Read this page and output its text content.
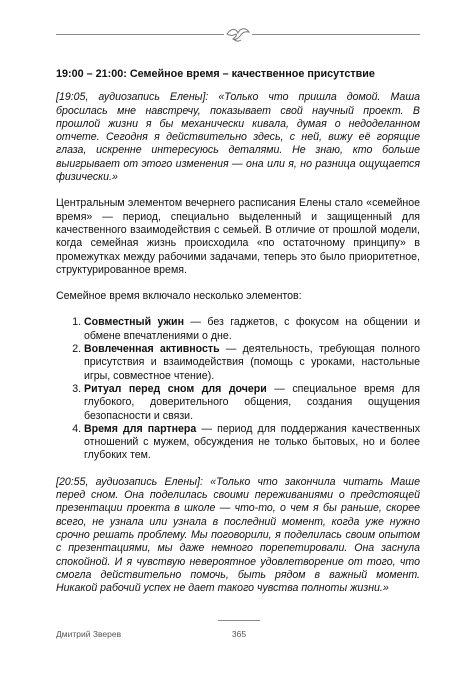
19:00 – 21:00: Семейное время – качественное присутствие

[19:05, аудиозапись Елены]: «Только что пришла домой. Маша бросилась мне навстречу, показывает свой научный проект. В прошлой жизни я бы механически кивала, думая о недоделанном отчете. Сегодня я действительно здесь, с ней, вижу её горящие глаза, искренне интересуюсь деталями. Не знаю, кто больше выигрывает от этого изменения — она или я, но разница ощущается физически.»

Центральным элементом вечернего расписания Елены стало «семейное время» — период, специально выделенный и защищенный для качественного взаимодействия с семьей. В отличие от прошлой модели, когда семейная жизнь происходила «по остаточному принципу» в промежутках между рабочими задачами, теперь это было приоритетное, структурированное время.

Семейное время включало несколько элементов:

1. Совместный ужин — без гаджетов, с фокусом на общении и обмене впечатлениями о дне.
2. Вовлеченная активность — деятельность, требующая полного присутствия и взаимодействия (помощь с уроками, настольные игры, совместное чтение).
3. Ритуал перед сном для дочери — специальное время для глубокого, доверительного общения, создания ощущения безопасности и связи.
4. Время для партнера — период для поддержания качественных отношений с мужем, обсуждения не только бытовых, но и более глубоких тем.

[20:55, аудиозапись Елены]: «Только что закончила читать Маше перед сном. Она поделилась своими переживаниями о предстоящей презентации проекта в школе — что-то, о чем я бы раньше, скорее всего, не узнала или узнала в последний момент, когда уже нужно срочно решать проблему. Мы поговорили, я поделилась своим опытом с презентациями, мы даже немного порепетировали. Она заснула спокойной. И я чувствую невероятное удовлетворение от того, что смогла действительно помочь, быть рядом в важный момент. Никакой рабочий успех не дает такого чувства полноты жизни.»

Дмитрий Зверев	365
